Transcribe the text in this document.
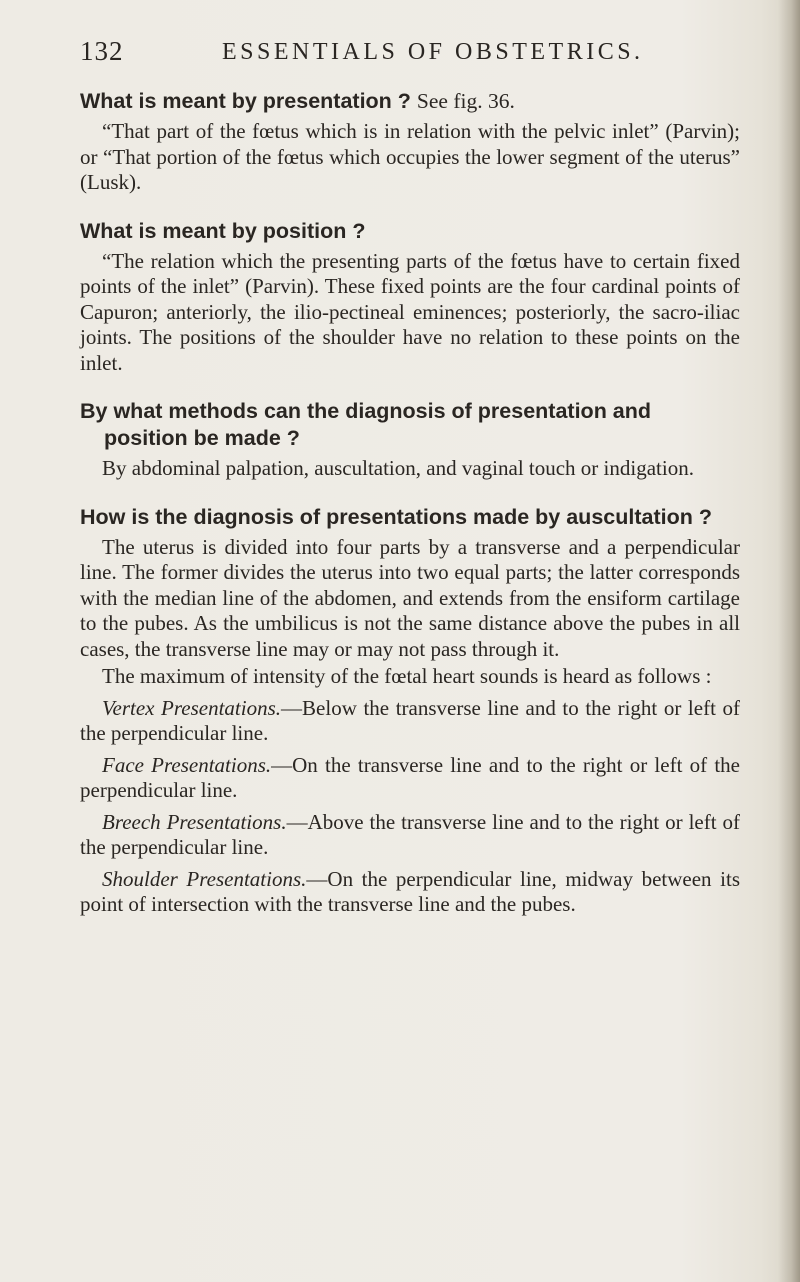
132	ESSENTIALS OF OBSTETRICS.
What is meant by presentation ? See fig. 36.

“That part of the fœtus which is in relation with the pelvic inlet” (Parvin); or “That portion of the fœtus which occupies the lower segment of the uterus” (Lusk).

What is meant by position ?

“The relation which the presenting parts of the fœtus have to certain fixed points of the inlet” (Parvin). These fixed points are the four cardinal points of Capuron; anteriorly, the ilio-pectineal eminences; posteriorly, the sacro-iliac joints. The positions of the shoulder have no relation to these points on the inlet.

By what methods can the diagnosis of presentation and position be made ?

By abdominal palpation, auscultation, and vaginal touch or indigation.

How is the diagnosis of presentations made by auscultation ?

The uterus is divided into four parts by a transverse and a perpendicular line. The former divides the uterus into two equal parts; the latter corresponds with the median line of the abdomen, and extends from the ensiform cartilage to the pubes. As the umbilicus is not the same distance above the pubes in all cases, the transverse line may or may not pass through it.

The maximum of intensity of the fœtal heart sounds is heard as follows :

Vertex Presentations.—Below the transverse line and to the right or left of the perpendicular line.

Face Presentations.—On the transverse line and to the right or left of the perpendicular line.

Breech Presentations.—Above the transverse line and to the right or left of the perpendicular line.

Shoulder Presentations.—On the perpendicular line, midway between its point of intersection with the transverse line and the pubes.
